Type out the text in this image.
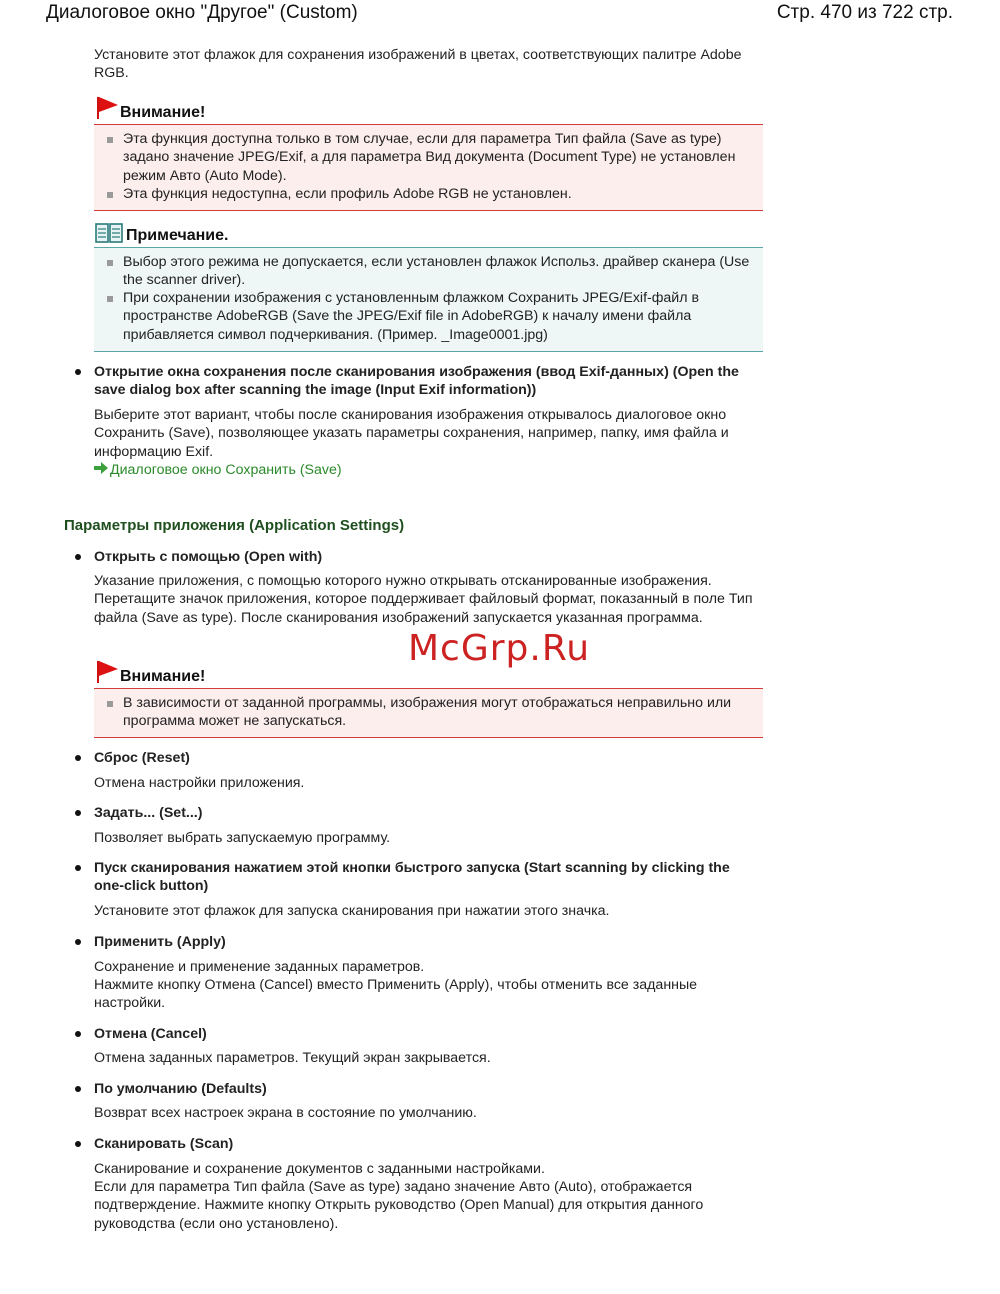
Диалоговое окно "Другое" (Custom)	Стр. 470 из 722 стр.

Установите этот флажок для сохранения изображений в цветах, соответствующих палитре Adobe RGB.

Внимание!
Эта функция доступна только в том случае, если для параметра Тип файла (Save as type) задано значение JPEG/Exif, а для параметра Вид документа (Document Type) не установлен режим Авто (Auto Mode).
Эта функция недоступна, если профиль Adobe RGB не установлен.
Примечание.
Выбор этого режима не допускается, если установлен флажок Использ. драйвер сканера (Use the scanner driver).
При сохранении изображения с установленным флажком Сохранить JPEG/Exif-файл в пространстве AdobeRGB (Save the JPEG/Exif file in AdobeRGB) к началу имени файла прибавляется символ подчеркивания. (Пример. _Image0001.jpg)

Открытие окна сохранения после сканирования изображения (ввод Exif-данных) (Open the save dialog box after scanning the image (Input Exif information))

Выберите этот вариант, чтобы после сканирования изображения открывалось диалоговое окно Сохранить (Save), позволяющее указать параметры сохранения, например, папку, имя файла и информацию Exif.

Диалоговое окно Сохранить (Save)
Параметры приложения (Application Settings)

Открыть с помощью (Open with)

Указание приложения, с помощью которого нужно открывать отсканированные изображения. Перетащите значок приложения, которое поддерживает файловый формат, показанный в поле Тип файла (Save as type). После сканирования изображений запускается указанная программа.

McGrp.Ru
Внимание!
В зависимости от заданной программы, изображения могут отображаться неправильно или программа может не запускаться.

Сброс (Reset)

Отмена настройки приложения.

Задать... (Set...)

Позволяет выбрать запускаемую программу.

Пуск сканирования нажатием этой кнопки быстрого запуска (Start scanning by clicking the one-click button)

Установите этот флажок для запуска сканирования при нажатии этого значка.

Применить (Apply)

Сохранение и применение заданных параметров.

Нажмите кнопку Отмена (Cancel) вместо Применить (Apply), чтобы отменить все заданные настройки.

Отмена (Cancel)

Отмена заданных параметров. Текущий экран закрывается.

По умолчанию (Defaults)

Возврат всех настроек экрана в состояние по умолчанию.

Сканировать (Scan)

Сканирование и сохранение документов с заданными настройками.

Если для параметра Тип файла (Save as type) задано значение Авто (Auto), отображается подтверждение. Нажмите кнопку Открыть руководство (Open Manual) для открытия данного руководства (если оно установлено).
